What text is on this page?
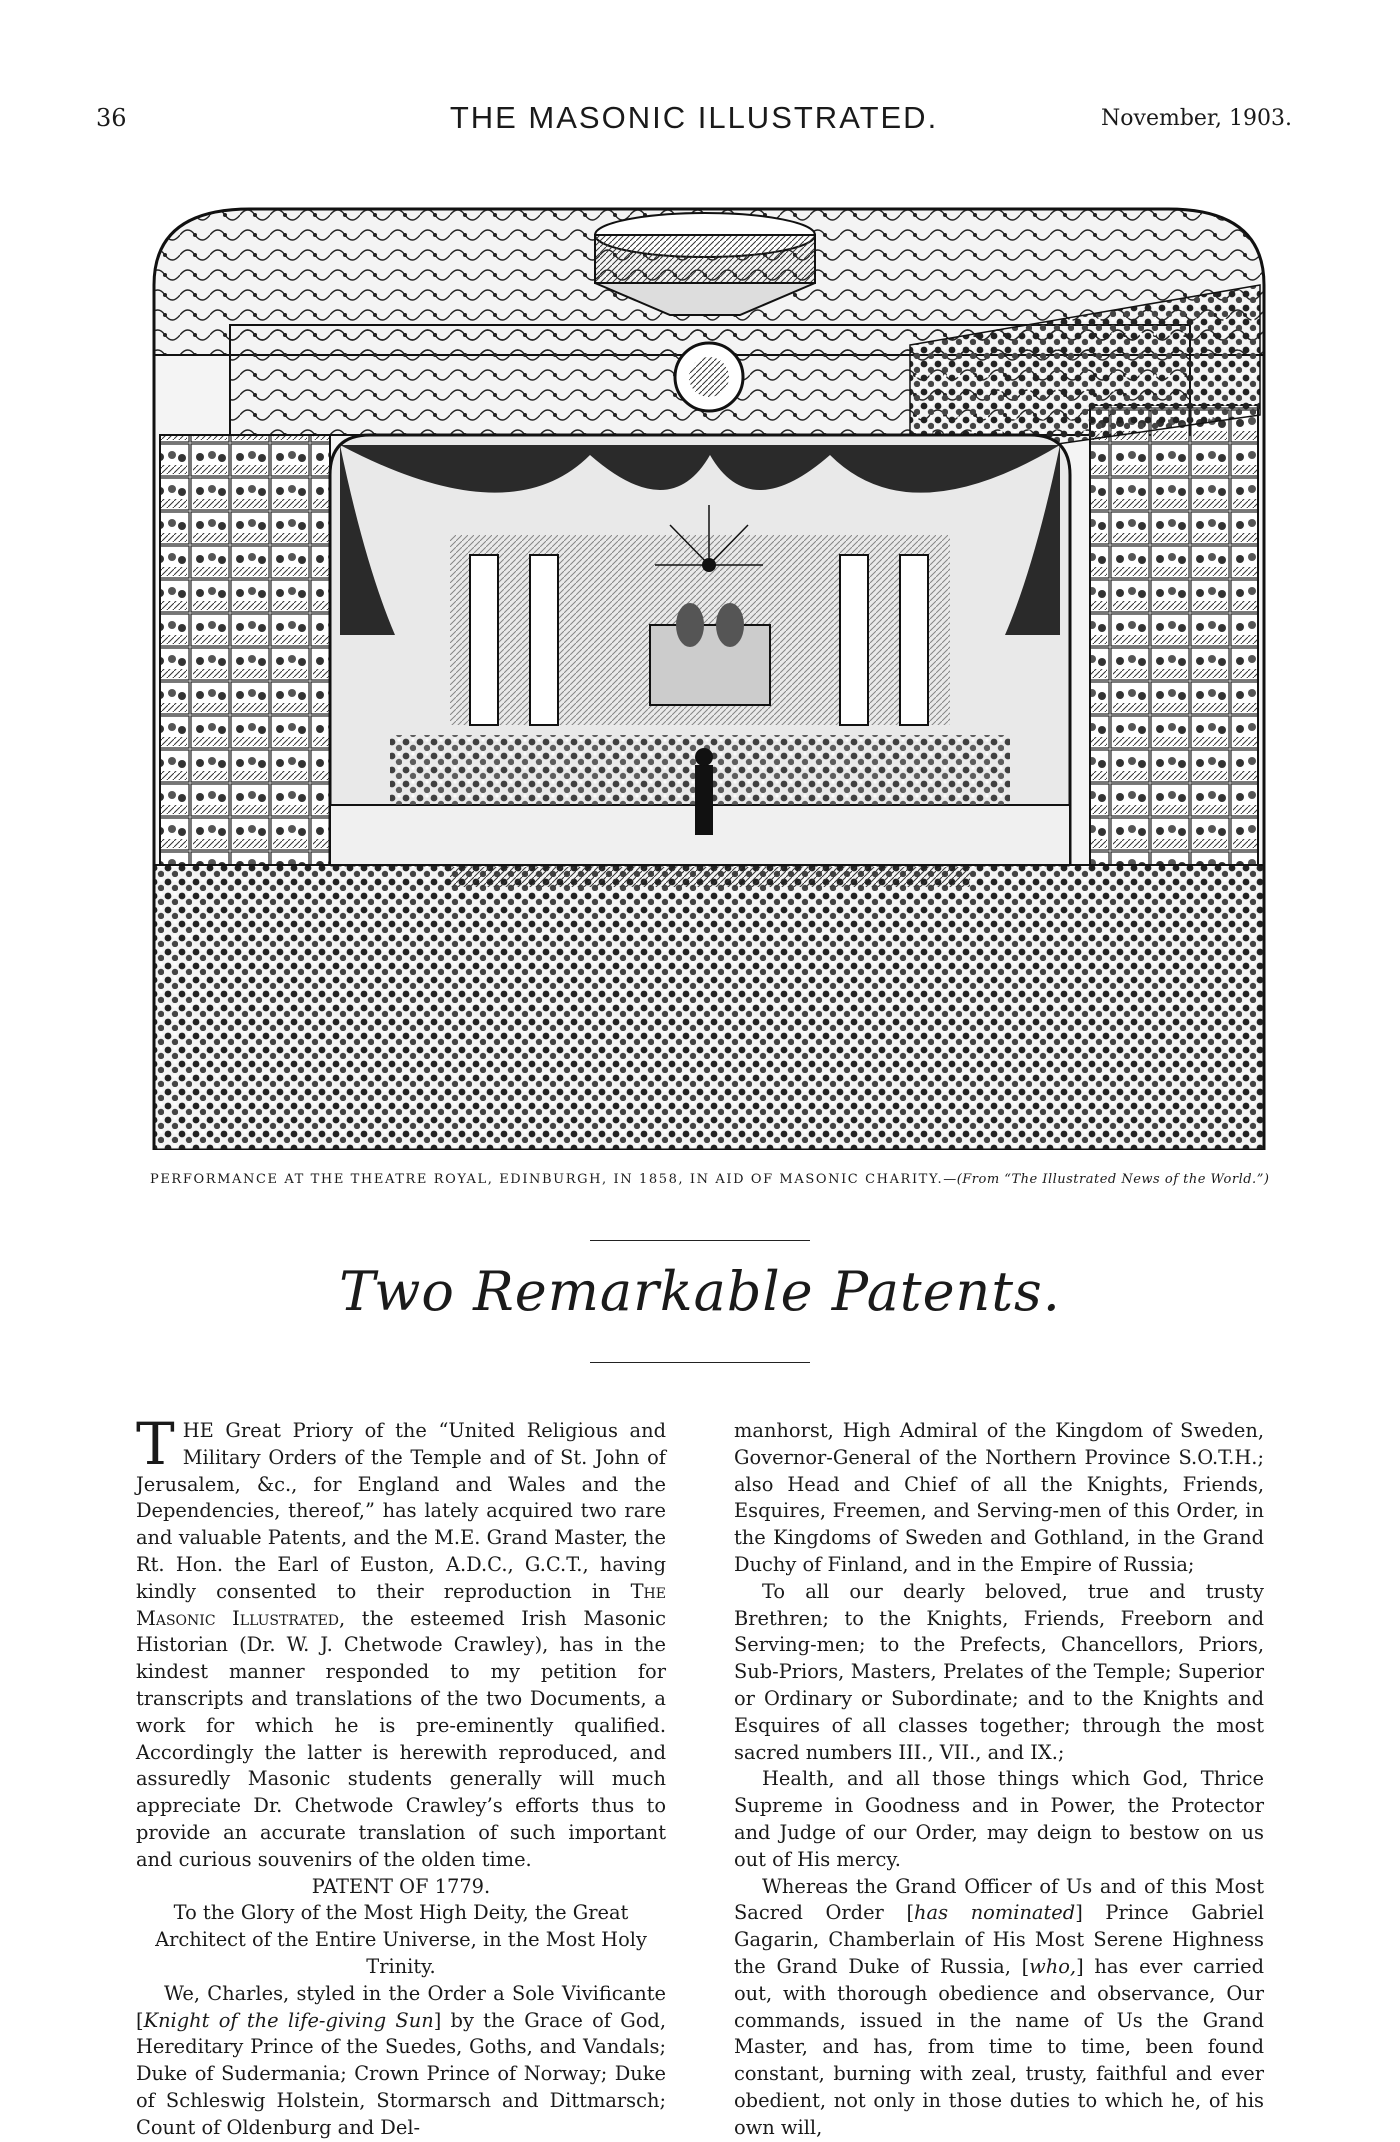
36	THE MASONIC ILLUSTRATED.	November, 1903.
PERFORMANCE AT THE THEATRE ROYAL, EDINBURGH, IN 1858, IN AID OF MASONIC CHARITY.—(From “The Illustrated News of the World.”)
Two Remarkable Patents.

THE Great Priory of the “United Religious and Military Orders of the Temple and of St. John of Jerusalem, &c., for England and Wales and the Dependencies, thereof,” has lately acquired two rare and valuable Patents, and the M.E. Grand Master, the Rt. Hon. the Earl of Euston, A.D.C., G.C.T., having kindly consented to their reproduction in The Masonic Illustrated, the esteemed Irish Masonic Historian (Dr. W. J. Chetwode Crawley), has in the kindest manner responded to my petition for transcripts and translations of the two Documents, a work for which he is pre-eminently qualified. Accordingly the latter is herewith reproduced, and assuredly Masonic students generally will much appreciate Dr. Chetwode Crawley’s efforts thus to provide an accurate translation of such important and curious souvenirs of the olden time.

PATENT OF 1779.

To the Glory of the Most High Deity, the Great Architect of the Entire Universe, in the Most Holy Trinity.

We, Charles, styled in the Order a Sole Vivificante [Knight of the life-giving Sun] by the Grace of God, Hereditary Prince of the Suedes, Goths, and Vandals; Duke of Sudermania; Crown Prince of Norway; Duke of Schleswig Holstein, Stormarsch and Dittmarsch; Count of Oldenburg and Del-

manhorst, High Admiral of the Kingdom of Sweden, Governor-General of the Northern Province S.O.T.H.; also Head and Chief of all the Knights, Friends, Esquires, Freemen, and Serving-men of this Order, in the Kingdoms of Sweden and Gothland, in the Grand Duchy of Finland, and in the Empire of Russia;

To all our dearly beloved, true and trusty Brethren; to the Knights, Friends, Freeborn and Serving-men; to the Prefects, Chancellors, Priors, Sub-Priors, Masters, Prelates of the Temple; Superior or Ordinary or Subordinate; and to the Knights and Esquires of all classes together; through the most sacred numbers III., VII., and IX.;

Health, and all those things which God, Thrice Supreme in Goodness and in Power, the Protector and Judge of our Order, may deign to bestow on us out of His mercy.

Whereas the Grand Officer of Us and of this Most Sacred Order [has nominated] Prince Gabriel Gagarin, Chamberlain of His Most Serene Highness the Grand Duke of Russia, [who,] has ever carried out, with thorough obedience and observance, Our commands, issued in the name of Us the Grand Master, and has, from time to time, been found constant, burning with zeal, trusty, faithful and ever obedient, not only in those duties to which he, of his own will,
